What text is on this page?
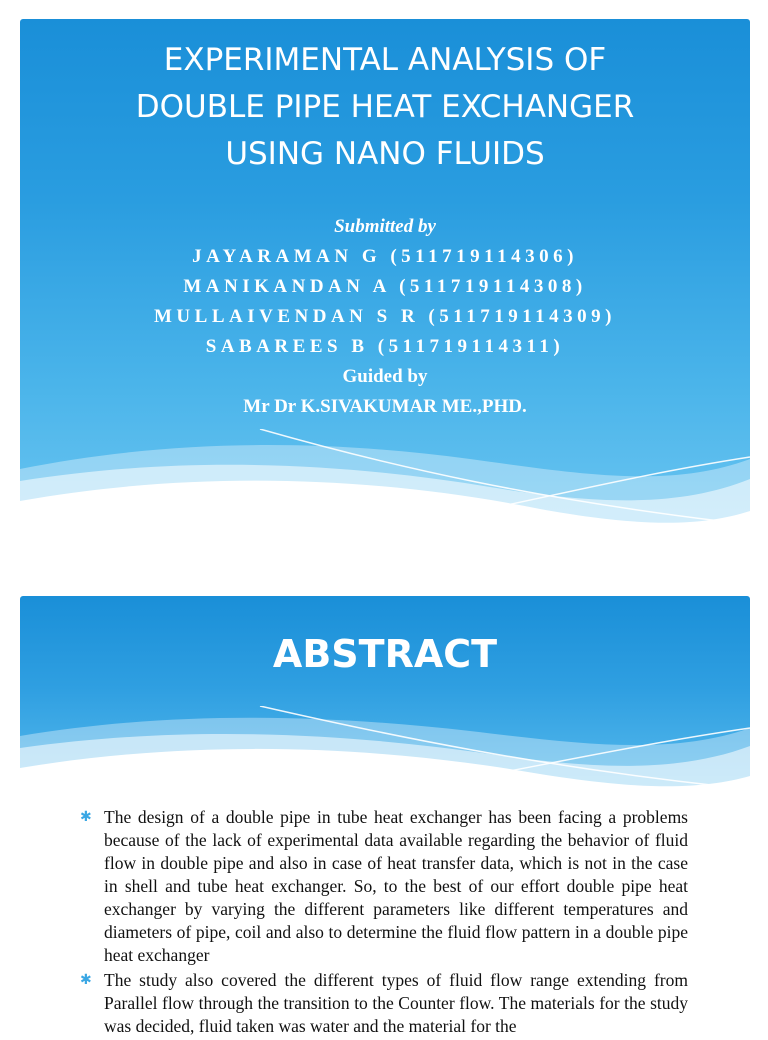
EXPERIMENTAL ANALYSIS OF DOUBLE PIPE HEAT EXCHANGER USING NANO FLUIDS
Submitted by
JAYARAMAN G (511719114306)
MANIKANDAN A (511719114308)
MULLAIVENDAN S R (511719114309)
SABAREES B (511719114311)
Guided by
Mr Dr K.SIVAKUMAR ME.,PHD.
ABSTRACT
✱ The design of a double pipe in tube heat exchanger has been facing a problems because of the lack of experimental data available regarding the behavior of fluid flow in double pipe and also in case of heat transfer data, which is not in the case in shell and tube heat exchanger. So, to the best of our effort double pipe heat exchanger by varying the different parameters like different temperatures and diameters of pipe, coil and also to determine the fluid flow pattern in a double pipe heat exchanger
✱ The study also covered the different types of fluid flow range extending from Parallel flow through the transition to the Counter flow. The materials for the study was decided, fluid taken was water and the material for the
